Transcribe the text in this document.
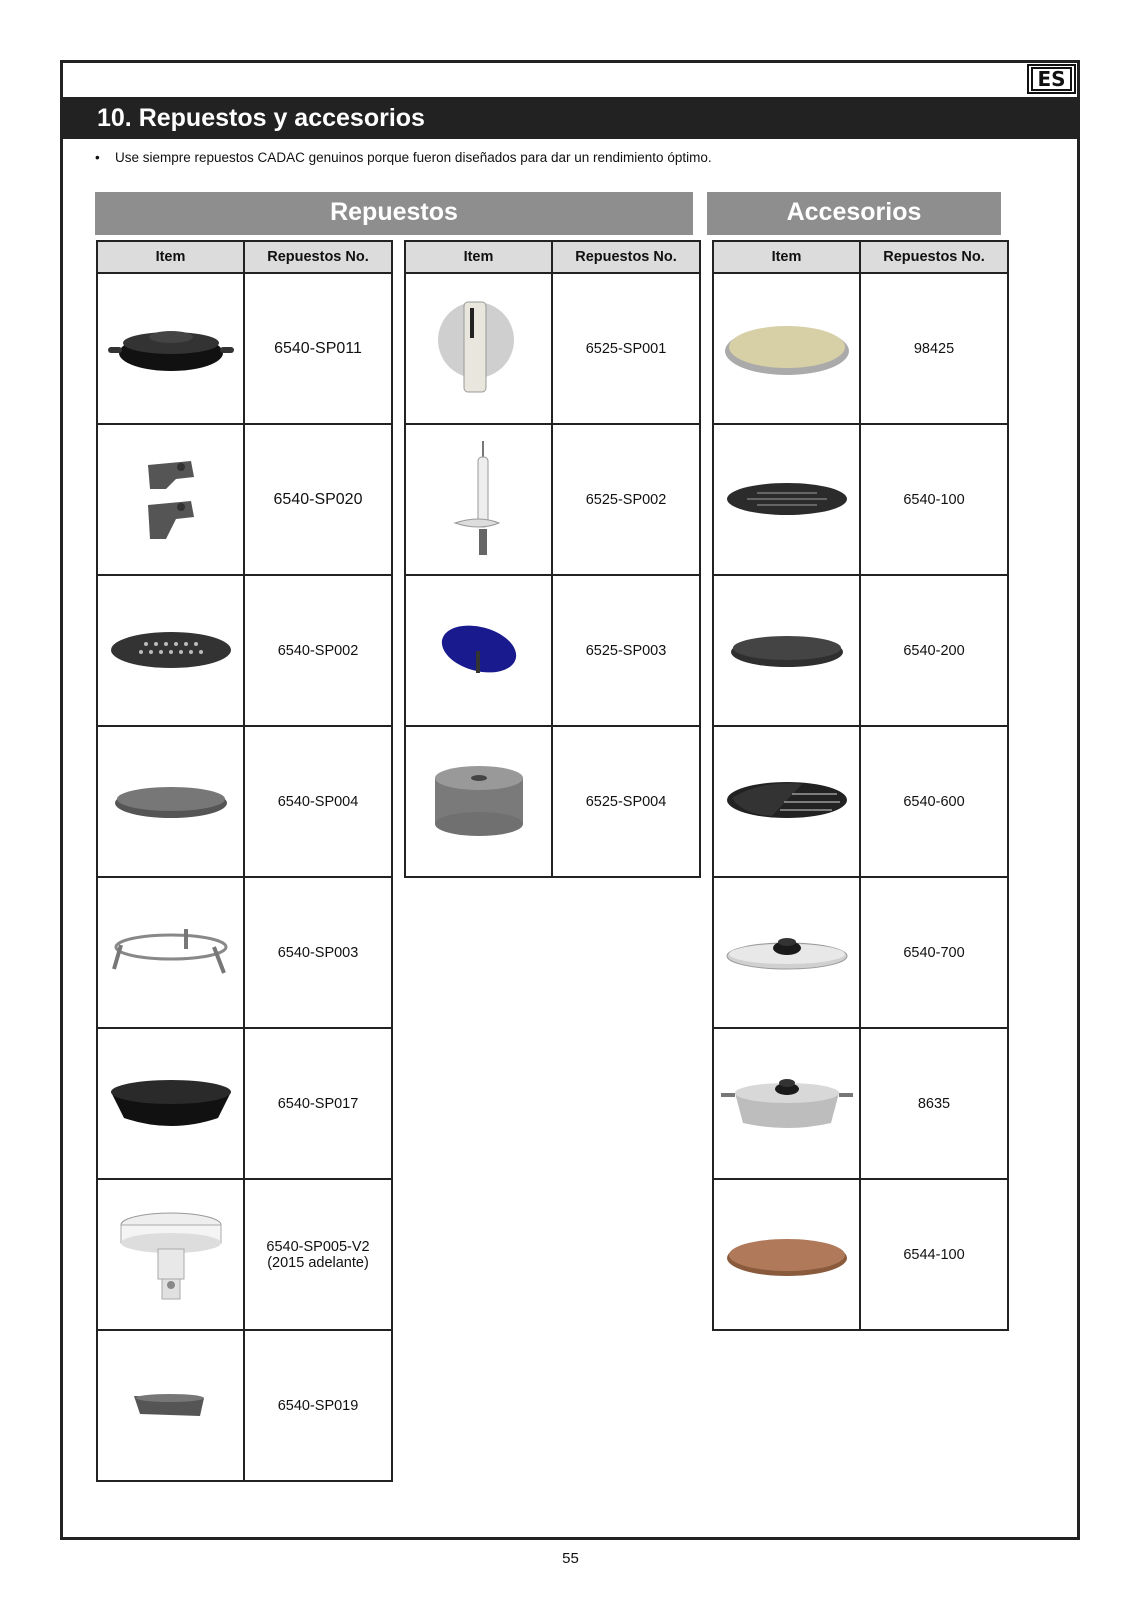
ES
10. Repuestos y accesorios
• Use siempre repuestos CADAC genuinos porque fueron diseñados para dar un rendimiento óptimo.
Repuestos	Accesorios
Item	Repuestos No.

	6540-SP011

	6540-SP020

	6540-SP002

	6540-SP004

	6540-SP003

	6540-SP017

	6540-SP005-V2
(2015 adelante)

	6540-SP019
Item	Repuestos No.

	6525-SP001

	6525-SP002

	6525-SP003

	6525-SP004
Item	Repuestos No.

	98425

	6540-100

	6540-200

	6540-600

	6540-700

	8635

	6544-100
55
